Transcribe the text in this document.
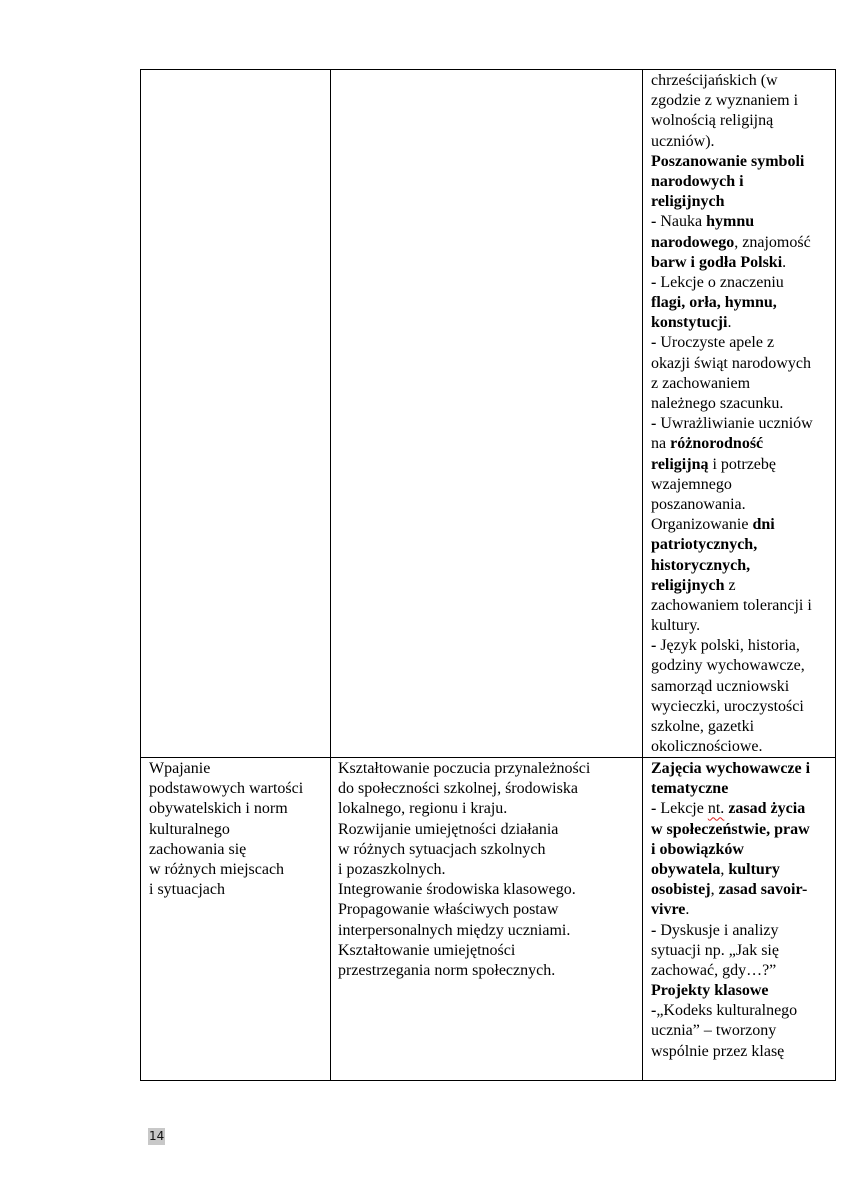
chrześcijańskich (w
zgodzie z wyznaniem i
wolnością religijną
uczniów).
Poszanowanie symboli
narodowych i
religijnych
- Nauka hymnu
narodowego, znajomość
barw i godła Polski.
- Lekcje o znaczeniu
flagi, orła, hymnu,
konstytucji.
- Uroczyste apele z
okazji świąt narodowych
z zachowaniem
należnego szacunku.
- Uwrażliwianie uczniów
na różnorodność
religijną i potrzebę
wzajemnego
poszanowania.
Organizowanie dni
patriotycznych,
historycznych,
religijnych z
zachowaniem tolerancji i
kultury.
- Język polski, historia,
godziny wychowawcze,
samorząd uczniowski
wycieczki, uroczystości
szkolne, gazetki
okolicznościowe.
Wpajanie
podstawowych wartości
obywatelskich i norm
kulturalnego
zachowania się
w różnych miejscach
i sytuacjach
Kształtowanie poczucia przynależności
do społeczności szkolnej, środowiska
lokalnego, regionu i kraju.
Rozwijanie umiejętności działania
w różnych sytuacjach szkolnych
i pozaszkolnych.
Integrowanie środowiska klasowego.
Propagowanie właściwych postaw
interpersonalnych między uczniami.
Kształtowanie umiejętności
przestrzegania norm społecznych.
Zajęcia wychowawcze i
tematyczne
- Lekcje nt. zasad życia
w społeczeństwie, praw
i obowiązków
obywatela, kultury
osobistej, zasad savoir-
vivre.
- Dyskusje i analizy
sytuacji np. „Jak się
zachować, gdy…?”
Projekty klasowe
-„Kodeks kulturalnego
ucznia” – tworzony
wspólnie przez klasę
14
